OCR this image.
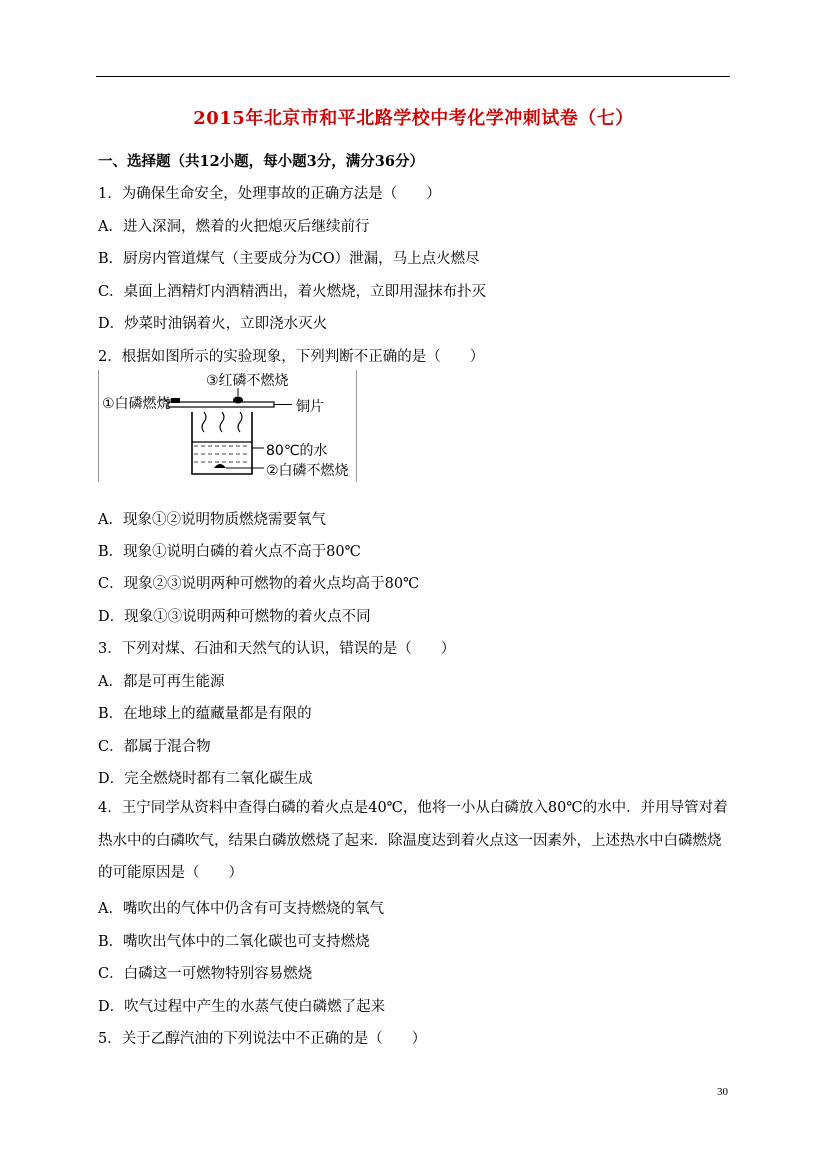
2015年北京市和平北路学校中考化学冲刺试卷（七）
一、选择题（共12小题，每小题3分，满分36分）
1．为确保生命安全，处理事故的正确方法是（　　）
A．进入深洞，燃着的火把熄灭后继续前行
B．厨房内管道煤气（主要成分为CO）泄漏，马上点火燃尽
C．桌面上酒精灯内酒精洒出，着火燃烧，立即用湿抹布扑灭
D．炒菜时油锅着火，立即浇水灭火
2．根据如图所示的实验现象，下列判断不正确的是（　　）
③红磷不燃烧
①白磷燃烧	铜片
80℃的水
②白磷不燃烧
A．现象①②说明物质燃烧需要氧气
B．现象①说明白磷的着火点不高于80℃
C．现象②③说明两种可燃物的着火点均高于80℃
D．现象①③说明两种可燃物的着火点不同
3．下列对煤、石油和天然气的认识，错误的是（　　）
A．都是可再生能源
B．在地球上的蕴藏量都是有限的
C．都属于混合物
D．完全燃烧时都有二氧化碳生成
4．王宁同学从资料中查得白磷的着火点是40℃，他将一小从白磷放入80℃的水中．并用导管对着
热水中的白磷吹气，结果白磷放燃烧了起来．除温度达到着火点这一因素外，上述热水中白磷燃烧
的可能原因是（　　）
A．嘴吹出的气体中仍含有可支持燃烧的氧气
B．嘴吹出气体中的二氧化碳也可支持燃烧
C．白磷这一可燃物特别容易燃烧
D．吹气过程中产生的水蒸气使白磷燃了起来
5．关于乙醇汽油的下列说法中不正确的是（　　）
30
